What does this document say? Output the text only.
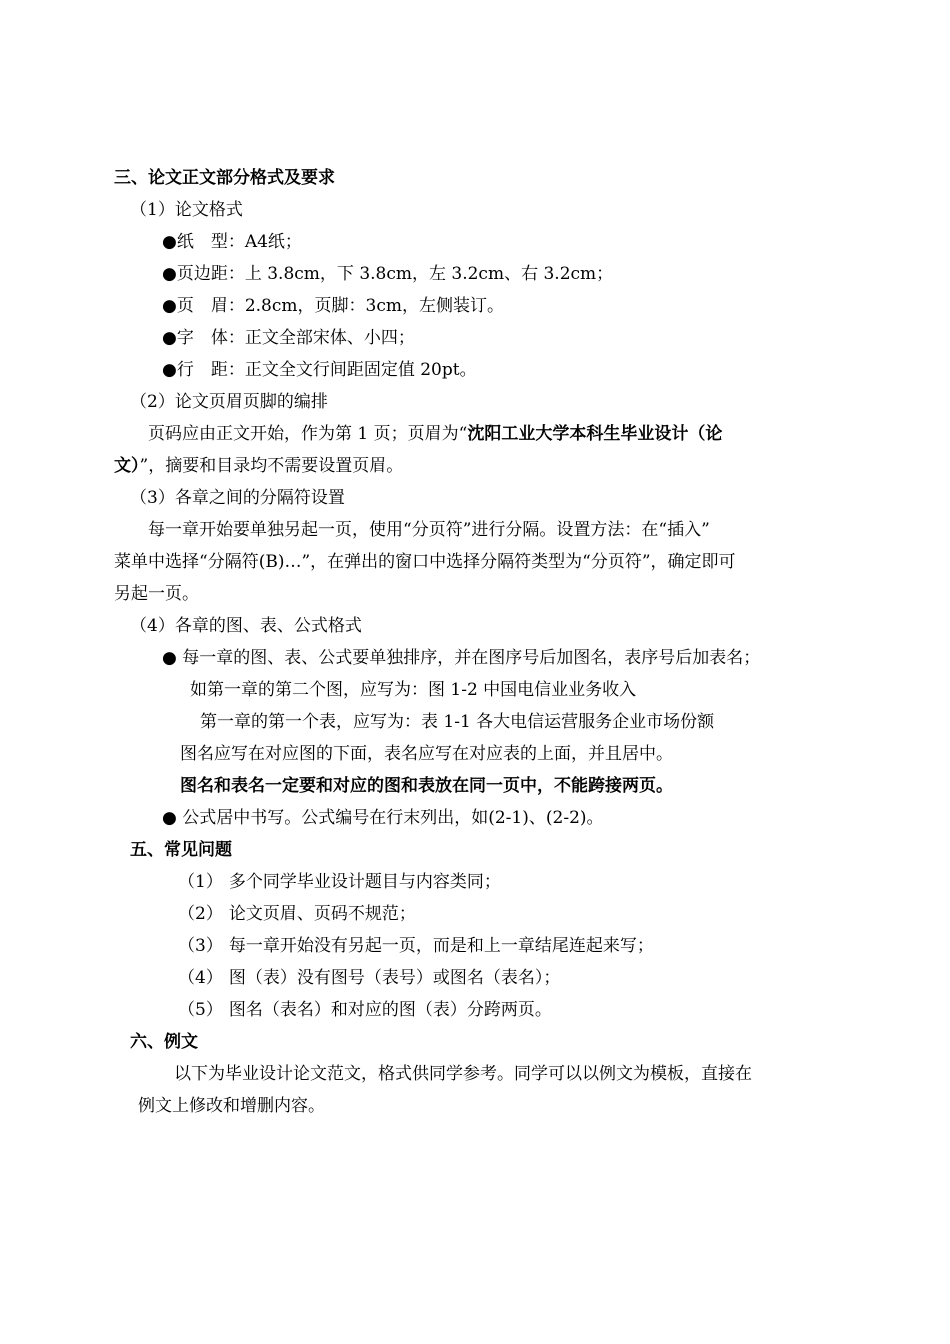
三、论文正文部分格式及要求
（1）论文格式
●纸　型：A4纸；
●页边距：上 3.8cm，下 3.8cm，左 3.2cm、右 3.2cm；
●页　眉：2.8cm，页脚：3cm，左侧装订。
●字　体：正文全部宋体、小四；
●行　距：正文全文行间距固定值 20pt。
（2）论文页眉页脚的编排
页码应由正文开始，作为第 1 页；页眉为“沈阳工业大学本科生毕业设计（论
文）”，摘要和目录均不需要设置页眉。
（3）各章之间的分隔符设置
每一章开始要单独另起一页，使用“分页符”进行分隔。设置方法：在“插入”
菜单中选择“分隔符(B)…”，在弹出的窗口中选择分隔符类型为“分页符”，确定即可
另起一页。
（4）各章的图、表、公式格式
● 每一章的图、表、公式要单独排序，并在图序号后加图名，表序号后加表名；
如第一章的第二个图，应写为：图 1-2 中国电信业业务收入
第一章的第一个表，应写为：表 1-1 各大电信运营服务企业市场份额
图名应写在对应图的下面，表名应写在对应表的上面，并且居中。
图名和表名一定要和对应的图和表放在同一页中，不能跨接两页。
● 公式居中书写。公式编号在行末列出，如(2-1)、(2-2)。
五、常见问题
（1） 多个同学毕业设计题目与内容类同；
（2） 论文页眉、页码不规范；
（3） 每一章开始没有另起一页，而是和上一章结尾连起来写；
（4） 图（表）没有图号（表号）或图名（表名）；
（5） 图名（表名）和对应的图（表）分跨两页。
六、例文
以下为毕业设计论文范文，格式供同学参考。同学可以以例文为模板，直接在
例文上修改和增删内容。
